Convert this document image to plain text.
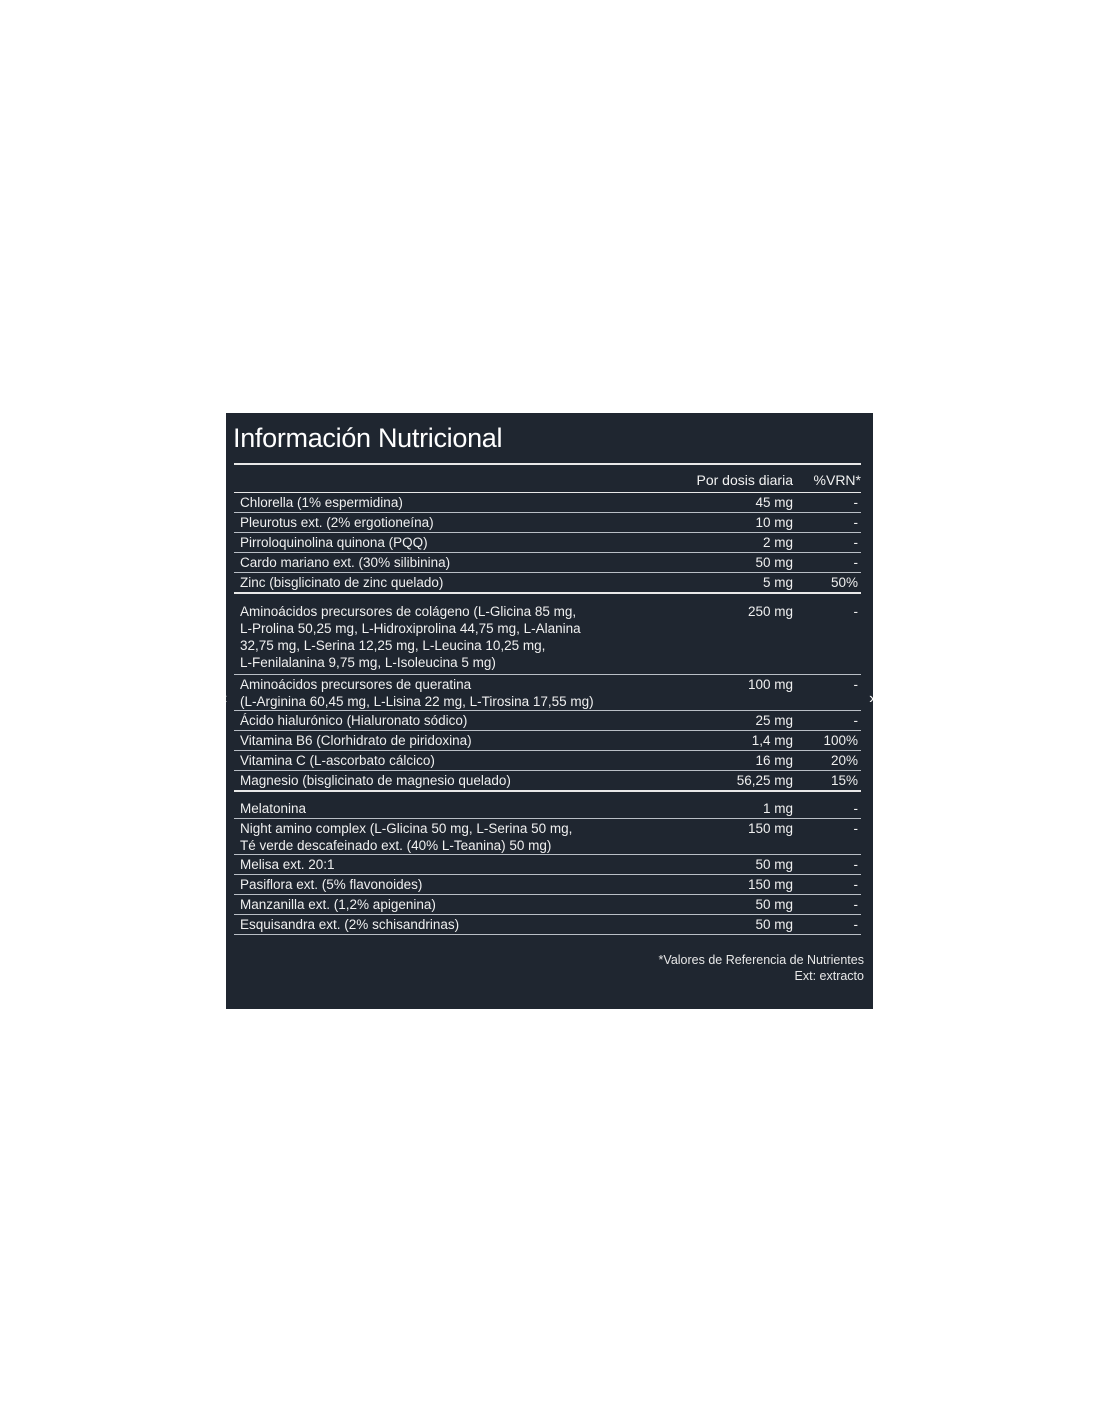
Información Nutricional
Por dosis diaria %VRN*
Chlorella (1% espermidina)	45 mg	-
Pleurotus ext. (2% ergotioneína)	10 mg	-
Pirroloquinolina quinona (PQQ)	2 mg	-
Cardo mariano ext. (30% silibinina)	50 mg	-
Zinc (bisglicinato de zinc quelado)	5 mg	50%
Aminoácidos precursores de colágeno (L-Glicina 85 mg,
L-Prolina 50,25 mg, L-Hidroxiprolina 44,75 mg, L-Alanina
32,75 mg, L-Serina 12,25 mg, L-Leucina 10,25 mg,
L-Fenilalanina 9,75 mg, L-Isoleucina 5 mg)
250 mg	-
Aminoácidos precursores de queratina
(L-Arginina 60,45 mg, L-Lisina 22 mg, L-Tirosina 17,55 mg)
100 mg	-
Ácido hialurónico (Hialuronato sódico)	25 mg	-
Vitamina B6 (Clorhidrato de piridoxina)	1,4 mg 100%
Vitamina C (L-ascorbato cálcico)	16 mg	20%
Magnesio (bisglicinato de magnesio quelado)	56,25 mg	15%
Melatonina	1 mg	-
Night amino complex (L-Glicina 50 mg, L-Serina 50 mg,
Té verde descafeinado ext. (40% L-Teanina) 50 mg)
150 mg	-
Melisa ext. 20:1	50 mg	-
Pasiflora ext. (5% flavonoides)	150 mg	-
Manzanilla ext. (1,2% apigenina)	50 mg	-
Esquisandra ext. (2% schisandrinas)	50 mg	-
*Valores de Referencia de Nutrientes
Ext: extracto
‹	›
